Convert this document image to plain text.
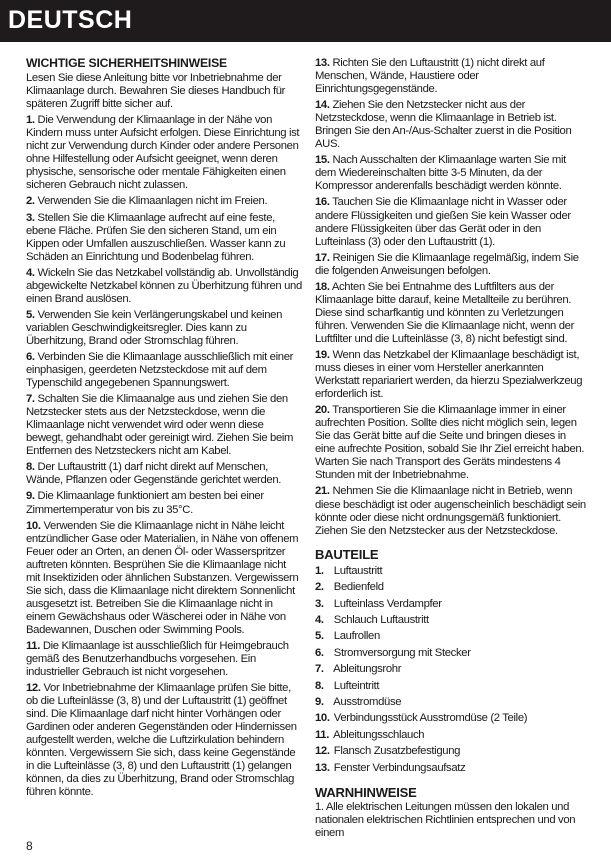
DEUTSCH
WICHTIGE SICHERHEITSHINWEISE
Lesen Sie diese Anleitung bitte vor Inbetriebnahme der Klimaanlage durch. Bewahren Sie dieses Handbuch für späteren Zugriff bitte sicher auf.
1. Die Verwendung der Klimaanlage in der Nähe von Kindern muss unter Aufsicht erfolgen. Diese Einrichtung ist nicht zur Verwendung durch Kinder oder andere Personen ohne Hilfestellung oder Aufsicht geeignet, wenn deren physische, sensorische oder mentale Fähigkeiten einen sicheren Gebrauch nicht zulassen.
2. Verwenden Sie die Klimaanlagen nicht im Freien.
3. Stellen Sie die Klimaanlage aufrecht auf eine feste, ebene Fläche. Prüfen Sie den sicheren Stand, um ein Kippen oder Umfallen auszuschließen. Wasser kann zu Schäden an Einrichtung und Bodenbelag führen.
4. Wickeln Sie das Netzkabel vollständig ab. Unvollständig abgewickelte Netzkabel können zu Überhitzung führen und einen Brand auslösen.
5. Verwenden Sie kein Verlängerungskabel und keinen variablen Geschwindigkeitsregler. Dies kann zu Überhitzung, Brand oder Stromschlag führen.
6. Verbinden Sie die Klimaanlage ausschließlich mit einer einphasigen, geerdeten Netzsteckdose mit auf dem Typenschild angegebenen Spannungswert.
7. Schalten Sie die Klimaanalge aus und ziehen Sie den Netzstecker stets aus der Netzsteckdose, wenn die Klimaanlage nicht verwendet wird oder wenn diese bewegt, gehandhabt oder gereinigt wird. Ziehen Sie beim Entfernen des Netzsteckers nicht am Kabel.
8. Der Luftaustritt (1) darf nicht direkt auf Menschen, Wände, Pflanzen oder Gegenstände gerichtet werden.
9. Die Klimaanlage funktioniert am besten bei einer Zimmertemperatur von bis zu 35°C.
10. Verwenden Sie die Klimaanlage nicht in Nähe leicht entzündlicher Gase oder Materialien, in Nähe von offenem Feuer oder an Orten, an denen Öl- oder Wasserspritzer auftreten könnten. Besprühen Sie die Klimaanlage nicht mit Insektiziden oder ähnlichen Substanzen. Vergewissern Sie sich, dass die Klimaanlage nicht direktem Sonnenlicht ausgesetzt ist. Betreiben Sie die Klimaanlage nicht in einem Gewächshaus oder Wäscherei oder in Nähe von Badewannen, Duschen oder Swimming Pools.
11. Die Klimaanlage ist ausschließlich für Heimgebrauch gemäß des Benutzerhandbuchs vorgesehen. Ein industrieller Gebrauch ist nicht vorgesehen.
12. Vor Inbetriebnahme der Klimaanlage prüfen Sie bitte, ob die Lufteinlässe (3, 8) und der Luftaustritt (1) geöffnet sind. Die Klimaanlage darf nicht hinter Vorhängen oder Gardinen oder anderen Gegenständen oder Hindernissen aufgestellt werden, welche die Luftzirkulation behindern könnten. Vergewissern Sie sich, dass keine Gegenstände in die Lufteinlässe (3, 8) und den Luftaustritt (1) gelangen können, da dies zu Überhitzung, Brand oder Stromschlag führen könnte.
13. Richten Sie den Luftaustritt (1) nicht direkt auf Menschen, Wände, Haustiere oder Einrichtungsgegenstände.
14. Ziehen Sie den Netzstecker nicht aus der Netzsteckdose, wenn die Klimaanlage in Betrieb ist. Bringen Sie den An-/Aus-Schalter zuerst in die Position AUS.
15. Nach Ausschalten der Klimaanlage warten Sie mit dem Wiedereinschalten bitte 3-5 Minuten, da der Kompressor anderenfalls beschädigt werden könnte.
16. Tauchen Sie die Klimaanlage nicht in Wasser oder andere Flüssigkeiten und gießen Sie kein Wasser oder andere Flüssigkeiten über das Gerät oder in den Lufteinlass (3) oder den Luftaustritt (1).
17. Reinigen Sie die Klimaanlage regelmäßig, indem Sie die folgenden Anweisungen befolgen.
18. Achten Sie bei Entnahme des Luftfilters aus der Klimaanlage bitte darauf, keine Metallteile zu berühren. Diese sind scharfkantig und könnten zu Verletzungen führen. Verwenden Sie die Klimaanlage nicht, wenn der Luftfilter und die Lufteinlässe (3, 8) nicht befestigt sind.
19. Wenn das Netzkabel der Klimaanlage beschädigt ist, muss dieses in einer vom Hersteller anerkannten Werkstatt repariariert werden, da hierzu Spezialwerkzeug erforderlich ist.
20. Transportieren Sie die Klimaanlage immer in einer aufrechten Position. Sollte dies nicht möglich sein, legen Sie das Gerät bitte auf die Seite und bringen dieses in eine aufrechte Position, sobald Sie Ihr Ziel erreicht haben. Warten Sie nach Transport des Geräts mindestens 4 Stunden mit der Inbetriebnahme.
21. Nehmen Sie die Klimaanlage nicht in Betrieb, wenn diese beschädigt ist oder augenscheinlich beschädigt sein könnte oder diese nicht ordnungsgemäß funktioniert. Ziehen Sie den Netzstecker aus der Netzsteckdose.
BAUTEILE
1. Luftaustritt
2. Bedienfeld
3. Lufteinlass Verdampfer
4. Schlauch Luftaustritt
5. Laufrollen
6. Stromversorgung mit Stecker
7. Ableitungsrohr
8. Lufteintritt
9. Ausstromdüse
10. Verbindungsstück Ausstromdüse (2 Teile)
11. Ableitungsschlauch
12. Flansch Zusatzbefestigung
13. Fenster Verbindungsaufsatz
WARNHINWEISE
1. Alle elektrischen Leitungen müssen den lokalen und nationalen elektrischen Richtlinien entsprechen und von einem
8
